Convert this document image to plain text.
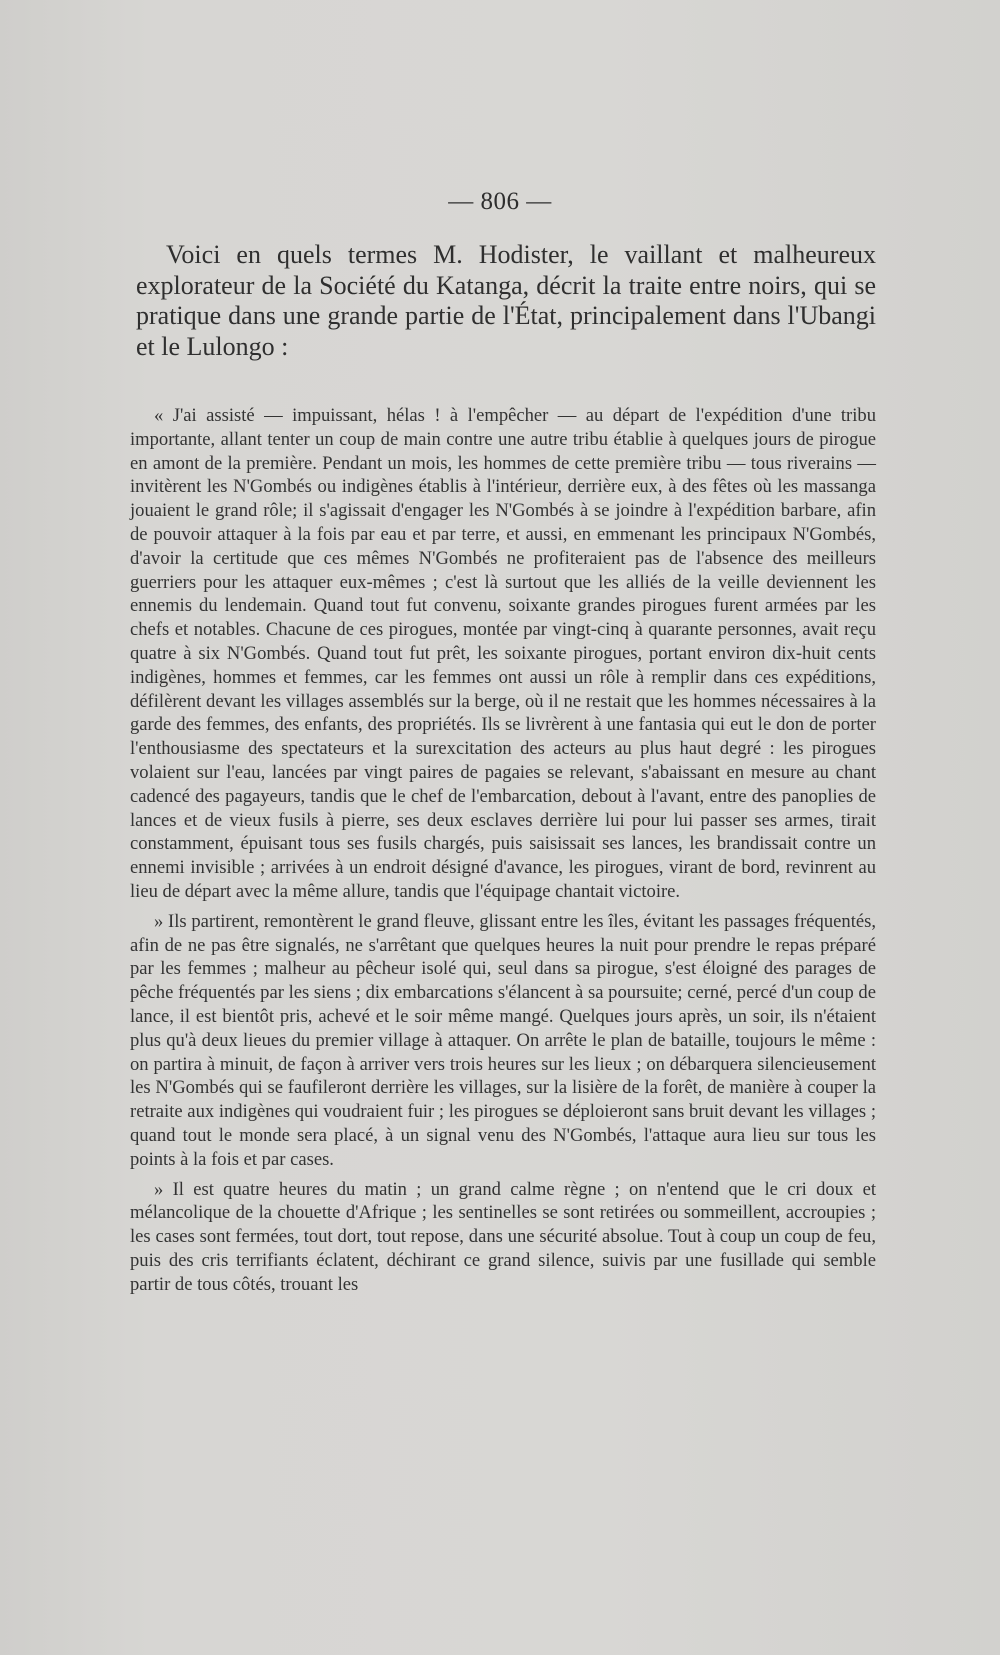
— 806 —

Voici en quels termes M. Hodister, le vaillant et malheureux explorateur de la Société du Katanga, décrit la traite entre noirs, qui se pratique dans une grande partie de l'État, principalement dans l'Ubangi et le Lulongo :

« J'ai assisté — impuissant, hélas ! à l'empêcher — au départ de l'expédition d'une tribu importante, allant tenter un coup de main contre une autre tribu établie à quelques jours de pirogue en amont de la première. Pendant un mois, les hommes de cette première tribu — tous riverains — invitèrent les N'Gombés ou indigènes établis à l'intérieur, derrière eux, à des fêtes où les massanga jouaient le grand rôle; il s'agissait d'engager les N'Gombés à se joindre à l'expédition barbare, afin de pouvoir attaquer à la fois par eau et par terre, et aussi, en emmenant les principaux N'Gombés, d'avoir la certitude que ces mêmes N'Gombés ne profiteraient pas de l'absence des meilleurs guerriers pour les attaquer eux-mêmes ; c'est là surtout que les alliés de la veille deviennent les ennemis du lendemain. Quand tout fut convenu, soixante grandes pirogues furent armées par les chefs et notables. Chacune de ces pirogues, montée par vingt-cinq à quarante personnes, avait reçu quatre à six N'Gombés. Quand tout fut prêt, les soixante pirogues, portant environ dix-huit cents indigènes, hommes et femmes, car les femmes ont aussi un rôle à remplir dans ces expéditions, défilèrent devant les villages assemblés sur la berge, où il ne restait que les hommes nécessaires à la garde des femmes, des enfants, des propriétés. Ils se livrèrent à une fantasia qui eut le don de porter l'enthousiasme des spectateurs et la surexcitation des acteurs au plus haut degré : les pirogues volaient sur l'eau, lancées par vingt paires de pagaies se relevant, s'abaissant en mesure au chant cadencé des pagayeurs, tandis que le chef de l'embarcation, debout à l'avant, entre des panoplies de lances et de vieux fusils à pierre, ses deux esclaves derrière lui pour lui passer ses armes, tirait constamment, épuisant tous ses fusils chargés, puis saisissait ses lances, les brandissait contre un ennemi invisible ; arrivées à un endroit désigné d'avance, les pirogues, virant de bord, revinrent au lieu de départ avec la même allure, tandis que l'équipage chantait victoire.

» Ils partirent, remontèrent le grand fleuve, glissant entre les îles, évitant les passages fréquentés, afin de ne pas être signalés, ne s'arrêtant que quelques heures la nuit pour prendre le repas préparé par les femmes ; malheur au pêcheur isolé qui, seul dans sa pirogue, s'est éloigné des parages de pêche fréquentés par les siens ; dix embarcations s'élancent à sa poursuite; cerné, percé d'un coup de lance, il est bientôt pris, achevé et le soir même mangé. Quelques jours après, un soir, ils n'étaient plus qu'à deux lieues du premier village à attaquer. On arrête le plan de bataille, toujours le même : on partira à minuit, de façon à arriver vers trois heures sur les lieux ; on débarquera silencieusement les N'Gombés qui se faufileront derrière les villages, sur la lisière de la forêt, de manière à couper la retraite aux indigènes qui voudraient fuir ; les pirogues se déploieront sans bruit devant les villages ; quand tout le monde sera placé, à un signal venu des N'Gombés, l'attaque aura lieu sur tous les points à la fois et par cases.

» Il est quatre heures du matin ; un grand calme règne ; on n'entend que le cri doux et mélancolique de la chouette d'Afrique ; les sentinelles se sont retirées ou sommeillent, accroupies ; les cases sont fermées, tout dort, tout repose, dans une sécurité absolue. Tout à coup un coup de feu, puis des cris terrifiants éclatent, déchirant ce grand silence, suivis par une fusillade qui semble partir de tous côtés, trouant les
